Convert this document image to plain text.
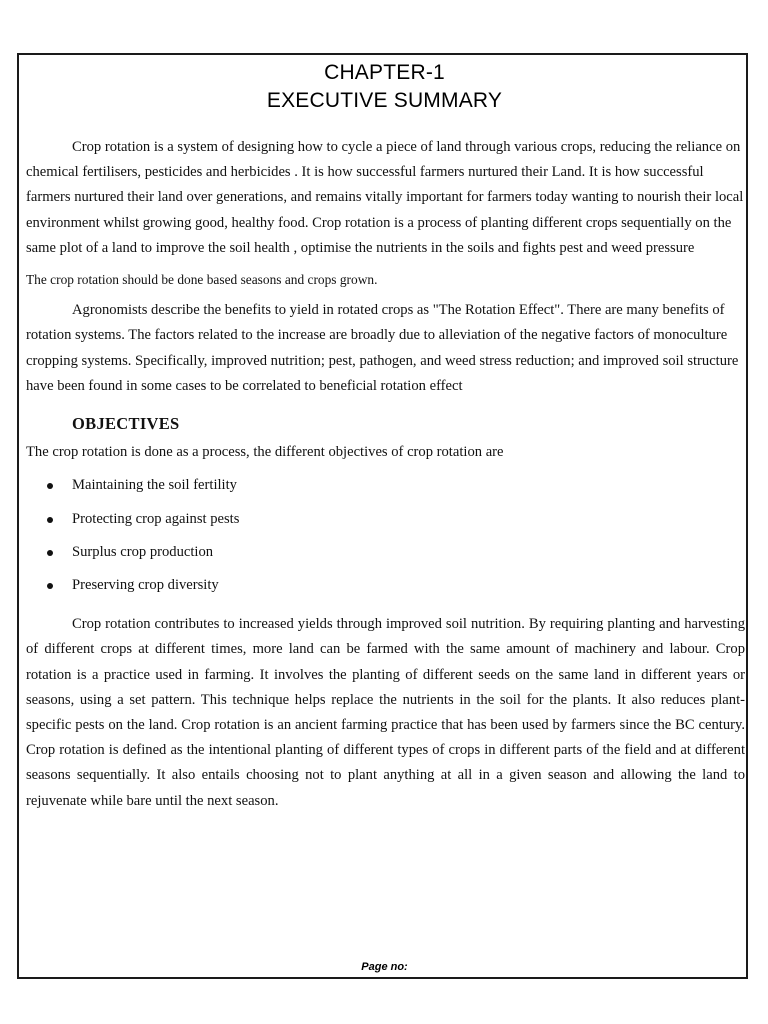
CHAPTER-1
EXECUTIVE SUMMARY

Crop rotation is a system of designing how to cycle a piece of land through various crops, reducing the reliance on chemical fertilisers, pesticides and herbicides . It is how successful farmers nurtured their Land. It is how successful farmers nurtured their land over generations, and remains vitally important for farmers today wanting to nourish their local environment whilst growing good, healthy food. Crop rotation is a process of planting different crops sequentially on the same plot of a land to improve the soil health , optimise the nutrients in the soils and fights pest and weed pressure

The crop rotation should be done based seasons and crops grown.

Agronomists describe the benefits to yield in rotated crops as "The Rotation Effect". There are many benefits of rotation systems. The factors related to the increase are broadly due to alleviation of the negative factors of monoculture cropping systems. Specifically, improved nutrition; pest, pathogen, and weed stress reduction; and improved soil structure have been found in some cases to be correlated to beneficial rotation effect

OBJECTIVES

The crop rotation is done as a process, the different objectives of crop rotation are

Maintaining the soil fertility
Protecting crop against pests
Surplus crop production
Preserving crop diversity

Crop rotation contributes to increased yields through improved soil nutrition. By requiring planting and harvesting of different crops at different times, more land can be farmed with the same amount of machinery and labour. Crop rotation is a practice used in farming. It involves the planting of different seeds on the same land in different years or seasons, using a set pattern. This technique helps replace the nutrients in the soil for the plants. It also reduces plant-specific pests on the land. Crop rotation is an ancient farming practice that has been used by farmers since the BC century. Crop rotation is defined as the intentional planting of different types of crops in different parts of the field and at different seasons sequentially. It also entails choosing not to plant anything at all in a given season and allowing the land to rejuvenate while bare until the next season.

Page no:
